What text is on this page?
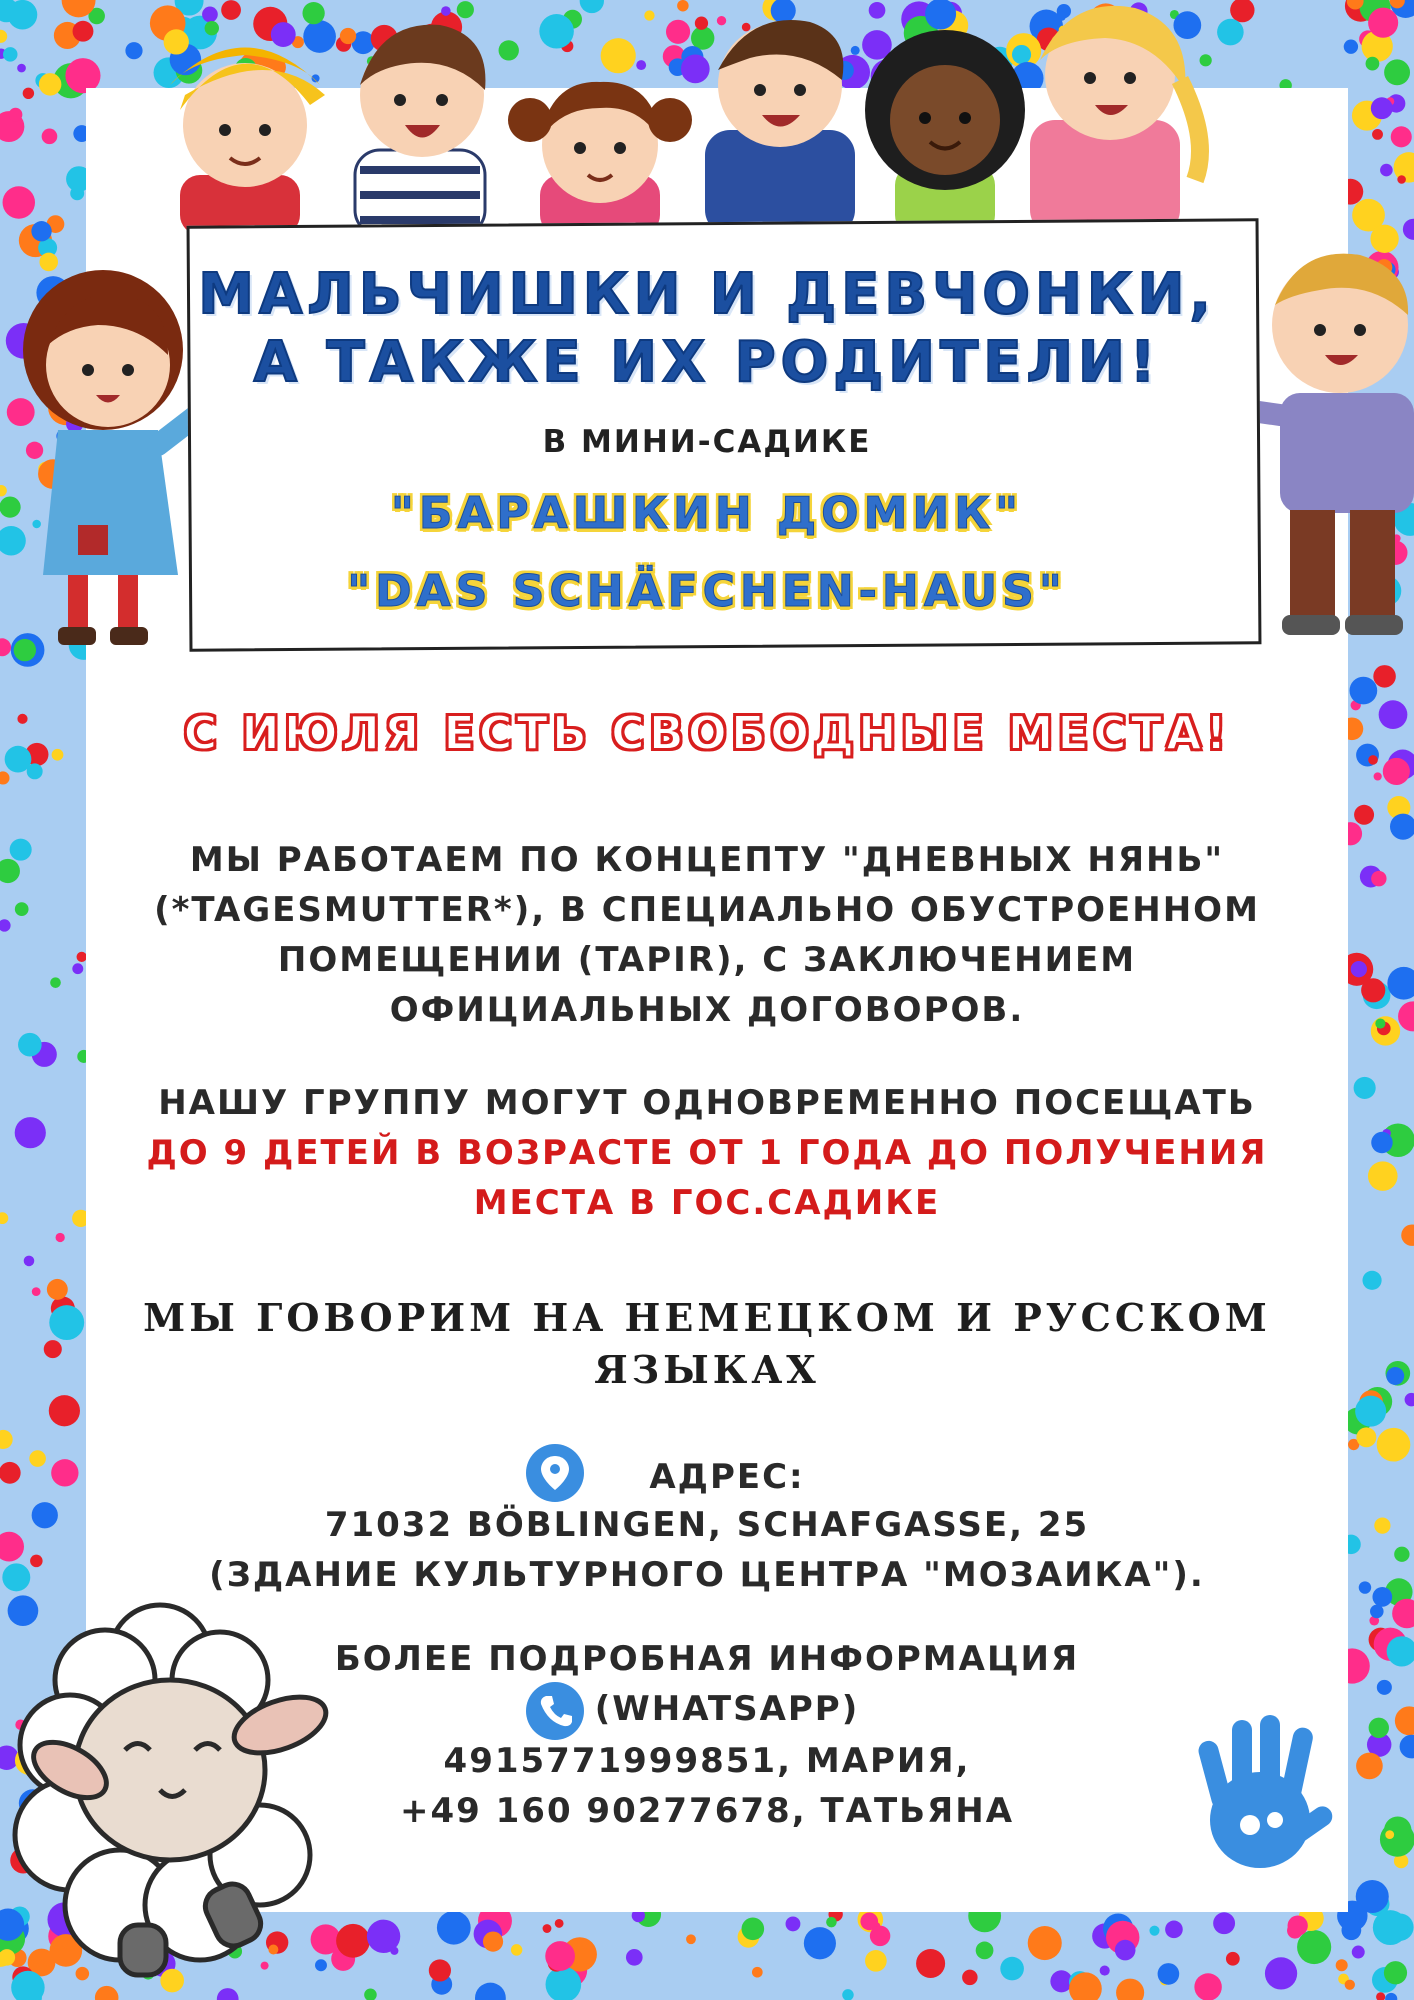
МАЛЬЧИШКИ И ДЕВЧОНКИ,

А ТАКЖЕ ИХ РОДИТЕЛИ!

В МИНИ-САДИКЕ

"БАРАШКИН ДОМИК"

"DAS SCHÄFCHEN-HAUS"

С ИЮЛЯ ЕСТЬ СВОБОДНЫЕ МЕСТА!

МЫ РАБОТАЕМ ПО КОНЦЕПТУ "ДНЕВНЫХ НЯНЬ"

(*TAGESMUTTER*), В СПЕЦИАЛЬНО ОБУСТРОЕННОМ

ПОМЕЩЕНИИ (TAPIR), С ЗАКЛЮЧЕНИЕМ

ОФИЦИАЛЬНЫХ ДОГОВОРОВ.

НАШУ ГРУППУ МОГУТ ОДНОВРЕМЕННО ПОСЕЩАТЬ

ДО 9 ДЕТЕЙ В ВОЗРАСТЕ ОТ 1 ГОДА ДО ПОЛУЧЕНИЯ

МЕСТА В ГОС.САДИКЕ

МЫ ГОВОРИМ НА НЕМЕЦКОМ И РУССКОМ

ЯЗЫКАХ

АДРЕС:

71032 BÖBLINGEN, SCHAFGASSE, 25

(ЗДАНИЕ КУЛЬТУРНОГО ЦЕНТРА "МОЗАИКА").

БОЛЕЕ ПОДРОБНАЯ ИНФОРМАЦИЯ

(WHATSAPP)

4915771999851, МАРИЯ,

+49 160 90277678, ТАТЬЯНА
